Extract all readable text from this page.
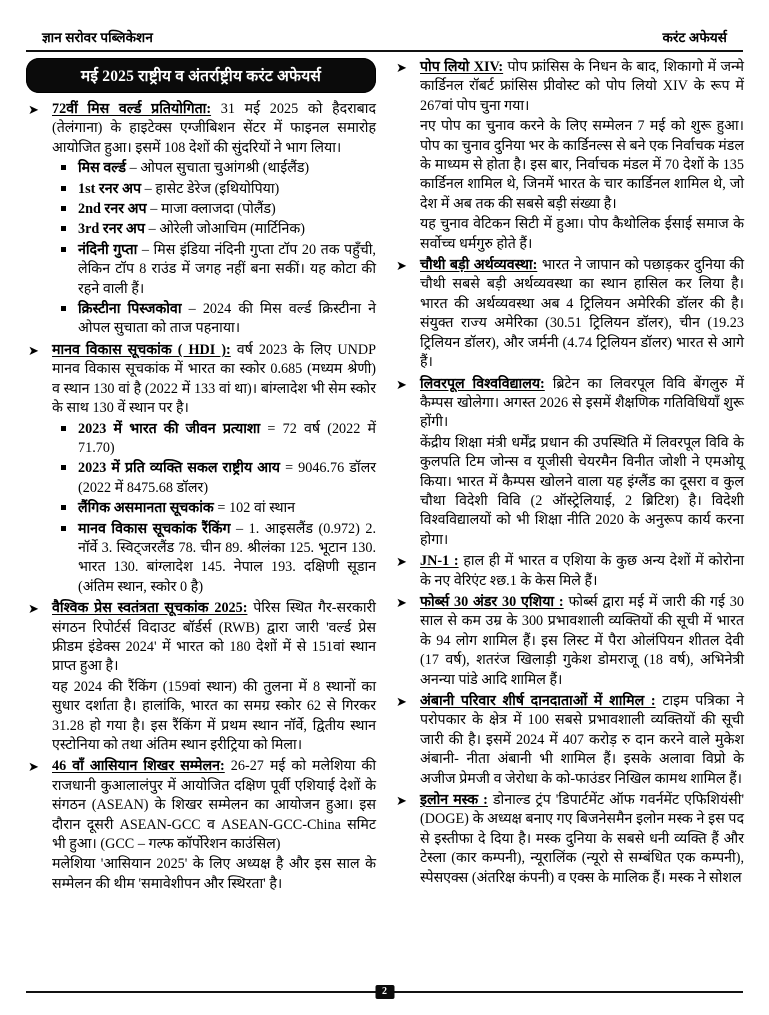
ज्ञान सरोवर पब्लिकेशन	करंट अफेयर्स
मई 2025 राष्ट्रीय व अंतर्राष्ट्रीय करंट अफेयर्स
➤ 72वीं मिस वर्ल्ड प्रतियोगिता: 31 मई 2025 को हैदराबाद (तेलंगाना) के हाइटेक्स एग्जीबिशन सेंटर में फाइनल समारोह आयोजित हुआ। इसमें 108 देशों की सुंदरियों ने भाग लिया।

मिस वर्ल्ड – ओपल सुचाता चुआंगश्री (थाईलैंड)

1st रनर अप – हासेट डेरेज (इथियोपिया)

2nd रनर अप – माजा क्लाजदा (पोलैंड)

3rd रनर अप – ओरेली जोआचिम (मार्टिनिक)

नंदिनी गुप्ता – मिस इंडिया नंदिनी गुप्ता टॉप 20 तक पहुँची, लेकिन टॉप 8 राउंड में जगह नहीं बना सकीं। यह कोटा की रहने वाली हैं।

क्रिस्टीना पिस्जकोवा – 2024 की मिस वर्ल्ड क्रिस्टीना ने ओपल सुचाता को ताज पहनाया।

➤ मानव विकास सूचकांक ( HDI ): वर्ष 2023 के लिए UNDP मानव विकास सूचकांक में भारत का स्कोर 0.685 (मध्यम श्रेणी) व स्थान 130 वां है (2022 में 133 वां था)। बांग्लादेश भी सेम स्कोर के साथ 130 वें स्थान पर है।

2023 में भारत की जीवन प्रत्याशा = 72 वर्ष (2022 में 71.70)

2023 में प्रति व्यक्ति सकल राष्ट्रीय आय = 9046.76 डॉलर (2022 में 8475.68 डॉलर)

लैंगिक असमानता सूचकांक = 102 वां स्थान

मानव विकास सूचकांक रैंकिंग – 1. आइसलैंड (0.972) 2. नॉर्वे 3. स्विट्जरलैंड 78. चीन 89. श्रीलंका 125. भूटान 130. भारत 130. बांग्लादेश 145. नेपाल 193. दक्षिणी सूडान (अंतिम स्थान, स्कोर 0 है)

➤ वैश्विक प्रेस स्वतंत्रता सूचकांक 2025: पेरिस स्थित गैर-सरकारी संगठन रिपोर्टर्स विदाउट बॉर्डर्स (RWB) द्वारा जारी 'वर्ल्ड प्रेस फ्रीडम इंडेक्स 2024' में भारत को 180 देशों में से 151वां स्थान प्राप्त हुआ है।

यह 2024 की रैंकिंग (159वां स्थान) की तुलना में 8 स्थानों का सुधार दर्शाता है। हालांकि, भारत का समग्र स्कोर 62 से गिरकर 31.28 हो गया है। इस रैंकिंग में प्रथम स्थान नॉर्वे, द्वितीय स्थान एस्टोनिया को तथा अंतिम स्थान इरीट्रिया को मिला।

➤ 46 वाँ आसियान शिखर सम्मेलन: 26-27 मई को मलेशिया की राजधानी कुआलालंपुर में आयोजित दक्षिण पूर्वी एशियाई देशों के संगठन (ASEAN) के शिखर सम्मेलन का आयोजन हुआ। इस दौरान दूसरी ASEAN-GCC व ASEAN-GCC-China समिट भी हुआ। (GCC – गल्फ कॉर्पोरेशन काउंसिल)

मलेशिया 'आसियान 2025' के लिए अध्यक्ष है और इस साल के सम्मेलन की थीम 'समावेशीपन और स्थिरता' है।

➤ पोप लियो XIV: पोप फ्रांसिस के निधन के बाद, शिकागो में जन्मे कार्डिनल रॉबर्ट फ्रांसिस प्रीवोस्ट को पोप लियो XIV के रूप में 267वां पोप चुना गया।

नए पोप का चुनाव करने के लिए सम्मेलन 7 मई को शुरू हुआ। पोप का चुनाव दुनिया भर के कार्डिनल्स से बने एक निर्वाचक मंडल के माध्यम से होता है। इस बार, निर्वाचक मंडल में 70 देशों के 135 कार्डिनल शामिल थे, जिनमें भारत के चार कार्डिनल शामिल थे, जो देश में अब तक की सबसे बड़ी संख्या है।

यह चुनाव वेटिकन सिटी में हुआ। पोप कैथोलिक ईसाई समाज के सर्वोच्च धर्मगुरु होते हैं।

➤ चौथी बड़ी अर्थव्यवस्था: भारत ने जापान को पछाड़कर दुनिया की चौथी सबसे बड़ी अर्थव्यवस्था का स्थान हासिल कर लिया है। भारत की अर्थव्यवस्था अब 4 ट्रिलियन अमेरिकी डॉलर की है। संयुक्त राज्य अमेरिका (30.51 ट्रिलियन डॉलर), चीन (19.23 ट्रिलियन डॉलर), और जर्मनी (4.74 ट्रिलियन डॉलर) भारत से आगे हैं।

➤ लिवरपूल विश्वविद्यालय: ब्रिटेन का लिवरपूल विवि बेंगलुरु में कैम्पस खोलेगा। अगस्त 2026 से इसमें शैक्षणिक गतिविधियाँ शुरू होंगी।

केंद्रीय शिक्षा मंत्री धर्मेंद्र प्रधान की उपस्थिति में लिवरपूल विवि के कुलपति टिम जोन्स व यूजीसी चेयरमैन विनीत जोशी ने एमओयू किया। भारत में कैम्पस खोलने वाला यह इंग्लैंड का दूसरा व कुल चौथा विदेशी विवि (2 ऑस्ट्रेलियाई, 2 ब्रिटिश) है। विदेशी विश्वविद्यालयों को भी शिक्षा नीति 2020 के अनुरूप कार्य करना होगा।

➤ JN-1 : हाल ही में भारत व एशिया के कुछ अन्य देशों में कोरोना के नए वेरिएंट श्छ.1 के केस मिले हैं।

➤ फोर्ब्स 30 अंडर 30 एशिया : फोर्ब्स द्वारा मई में जारी की गई 30 साल से कम उम्र के 300 प्रभावशाली व्यक्तियों की सूची में भारत के 94 लोग शामिल हैं। इस लिस्ट में पैरा ओलंपियन शीतल देवी (17 वर्ष), शतरंज खिलाड़ी गुकेश डोमराजू (18 वर्ष), अभिनेत्री अनन्या पांडे आदि शामिल हैं।

➤ अंबानी परिवार शीर्ष दानदाताओं में शामिल : टाइम पत्रिका ने परोपकार के क्षेत्र में 100 सबसे प्रभावशाली व्यक्तियों की सूची जारी की है। इसमें 2024 में 407 करोड़ रु दान करने वाले मुकेश अंबानी- नीता अंबानी भी शामिल हैं। इसके अलावा विप्रो के अजीज प्रेमजी व जेरोधा के को-फाउंडर निखिल कामथ शामिल हैं।

➤ इलोन मस्क : डोनाल्ड ट्रंप 'डिपार्टमेंट ऑफ गवर्नमेंट एफिशियंसी' (DOGE) के अध्यक्ष बनाए गए बिजनेसमैन इलोन मस्क ने इस पद से इस्तीफा दे दिया है। मस्क दुनिया के सबसे धनी व्यक्ति हैं और टेस्ला (कार कम्पनी), न्यूरालिंक (न्यूरो से सम्बंधित एक कम्पनी), स्पेसएक्स (अंतरिक्ष कंपनी) व एक्स के मालिक हैं। मस्क ने सोशल

2
